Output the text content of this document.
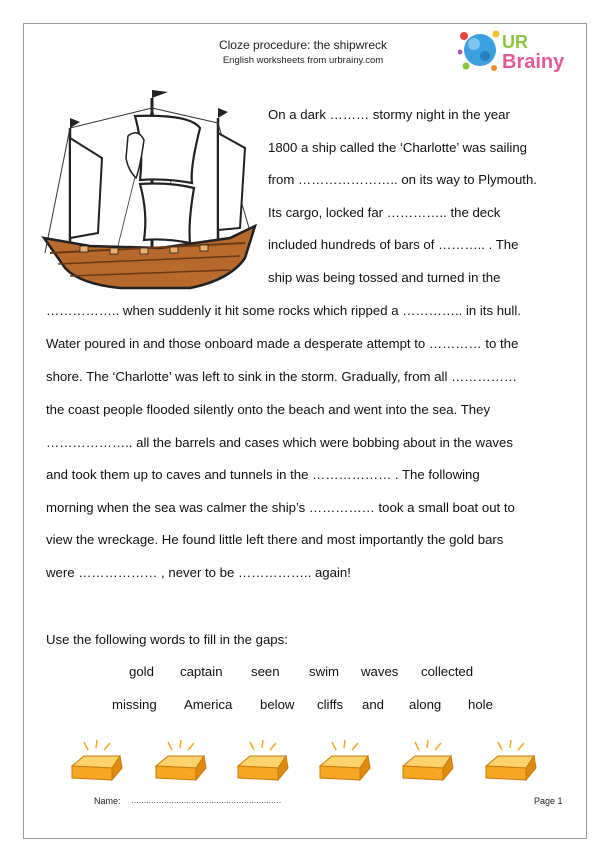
Cloze procedure: the shipwreck
English worksheets from urbrainy.com
UR
Brainy
On a dark ……… stormy night in the year
1800 a ship called the ‘Charlotte’ was sailing
from ………………….. on its way to Plymouth.
Its cargo, locked far ………….. the deck
included hundreds of bars of ……….. . The
ship was being tossed and turned in the
…………….. when suddenly it hit some rocks which ripped a ………….. in its hull.
Water poured in and those onboard made a desperate attempt to ………… to the
shore. The ‘Charlotte’ was left to sink in the storm. Gradually, from all ……………
the coast people flooded silently onto the beach and went into the sea. They
……………….. all the barrels and cases which were bobbing about in the waves
and took them up to caves and tunnels in the ……………… . The following
morning when the sea was calmer the ship’s …………… took a small boat out to
view the wreckage. He found little left there and most importantly the gold bars
were ……………… , never to be …………….. again!
Use the following words to fill in the gaps:
gold captain seen swim waves collected
missing America below cliffs and along hole
Name: ……………………………………………………	Page 1
